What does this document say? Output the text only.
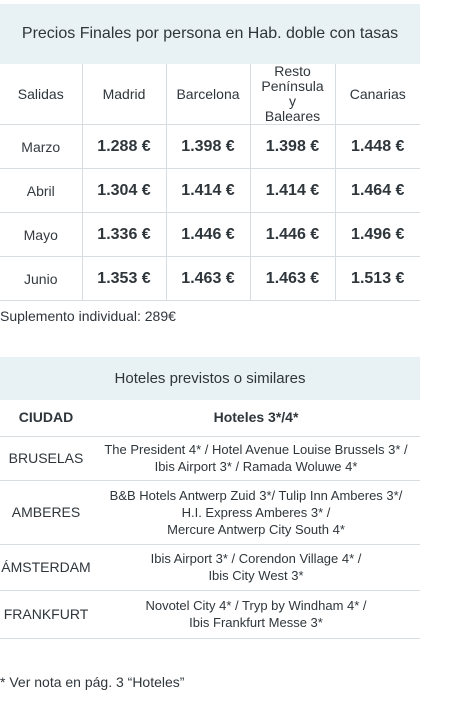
Precios Finales por persona en Hab. doble con tasas
Salidas	Madrid	Barcelona	Resto Península y Baleares	Canarias
Marzo	1.288 €	1.398 €	1.398 €	1.448 €
Abril	1.304 €	1.414 €	1.414 €	1.464 €
Mayo	1.336 €	1.446 €	1.446 €	1.496 €
Junio	1.353 €	1.463 €	1.463 €	1.513 €
Suplemento individual: 289€
Hoteles previstos o similares
CIUDAD	Hoteles 3*/4*
BRUSELAS	The President 4* / Hotel Avenue Louise Brussels 3* /
Ibis Airport 3* / Ramada Woluwe 4*

AMBERES	B&B Hotels Antwerp Zuid 3*/ Tulip Inn Amberes 3*/
H.I. Express Amberes 3* /
Mercure Antwerp City South 4*

ÁMSTERDAM	Ibis Airport 3* / Corendon Village 4* /
Ibis City West 3*

FRANKFURT	Novotel City 4* / Tryp by Windham 4* /
Ibis Frankfurt Messe 3*
* Ver nota en pág. 3 “Hoteles”
